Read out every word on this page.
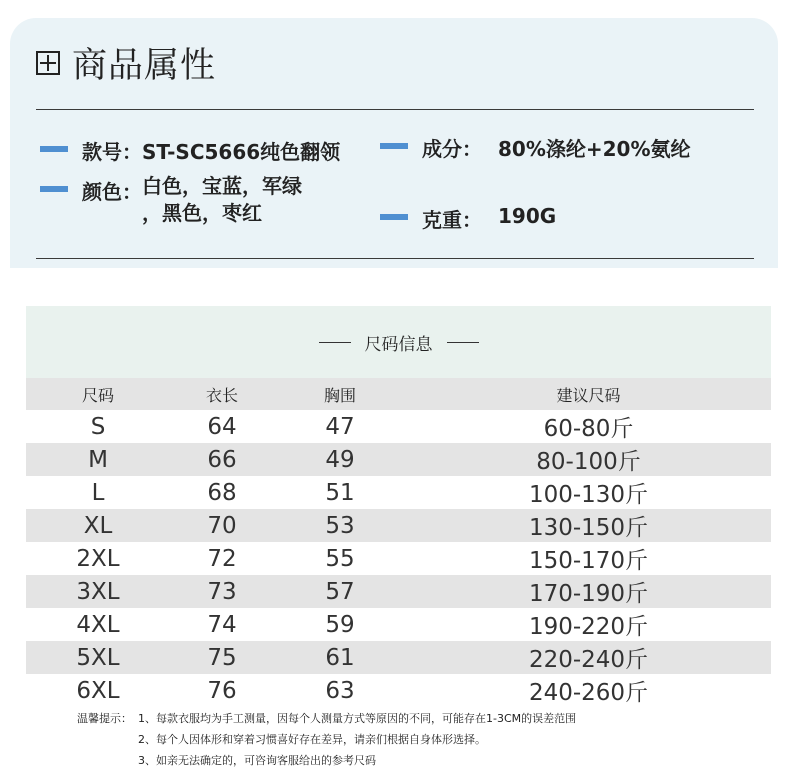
商品属性
款号： ST-SC5666纯色翻领
颜色： 白色，宝蓝，军绿
，黑色，枣红
成分： 80%涤纶+20%氨纶
克重： 190G
尺码信息
尺码	衣长	胸围	建议尺码
S	64	47	60-80斤
M	66	49	80-100斤
L	68	51	100-130斤
XL	70	53	130-150斤
2XL	72	55	150-170斤
3XL	73	57	170-190斤
4XL	74	59	190-220斤
5XL	75	61	220-240斤
6XL	76	63	240-260斤
温馨提示： 1、每款衣服均为手工测量，因每个人测量方式等原因的不同，可能存在1-3CM的误差范围
2、每个人因体形和穿着习惯喜好存在差异，请亲们根据自身体形选择。
3、如亲无法确定的，可咨询客服给出的参考尺码
